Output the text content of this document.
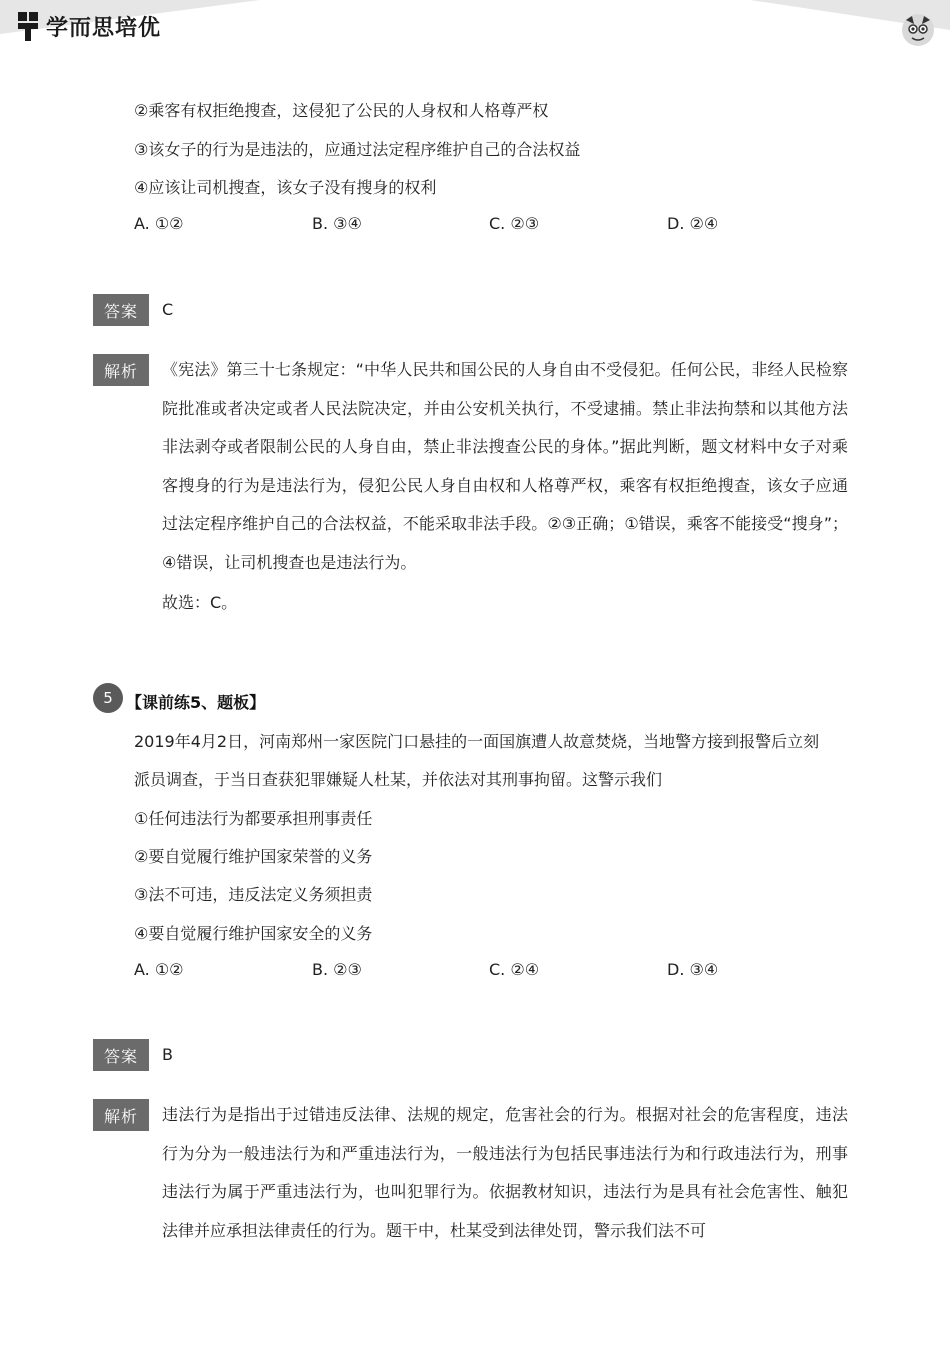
学而思培优
②乘客有权拒绝搜查，这侵犯了公民的人身权和人格尊严权
③该女子的行为是违法的，应通过法定程序维护自己的合法权益
④应该让司机搜查，该女子没有搜身的权利
A. ①②	B. ③④	C. ②③	D. ②④
答案	C
解析	《宪法》第三十七条规定：“中华人民共和国公民的人身自由不受侵犯。任何公民，非经人民检察院批准或者决定或者人民法院决定，并由公安机关执行，不受逮捕。禁止非法拘禁和以其他方法非法剥夺或者限制公民的人身自由，禁止非法搜查公民的身体。”据此判断，题文材料中女子对乘客搜身的行为是违法行为，侵犯公民人身自由权和人格尊严权，乘客有权拒绝搜查，该女子应通过法定程序维护自己的合法权益，不能采取非法手段。②③正确；①错误，乘客不能接受“搜身”；④错误，让司机搜查也是违法行为。
故选：C。
5 【课前练5、题板】
2019年4月2日，河南郑州一家医院门口悬挂的一面国旗遭人故意焚烧，当地警方接到报警后立刻
派员调查，于当日查获犯罪嫌疑人杜某，并依法对其刑事拘留。这警示我们
①任何违法行为都要承担刑事责任
②要自觉履行维护国家荣誉的义务
③法不可违，违反法定义务须担责
④要自觉履行维护国家安全的义务
A. ①②	B. ②③	C. ②④	D. ③④
答案	B
解析	违法行为是指出于过错违反法律、法规的规定，危害社会的行为。根据对社会的危害程度，违法行为分为一般违法行为和严重违法行为，一般违法行为包括民事违法行为和行政违法行为，刑事违法行为属于严重违法行为，也叫犯罪行为。依据教材知识，违法行为是具有社会危害性、触犯法律并应承担法律责任的行为。题干中，杜某受到法律处罚，警示我们法不可
